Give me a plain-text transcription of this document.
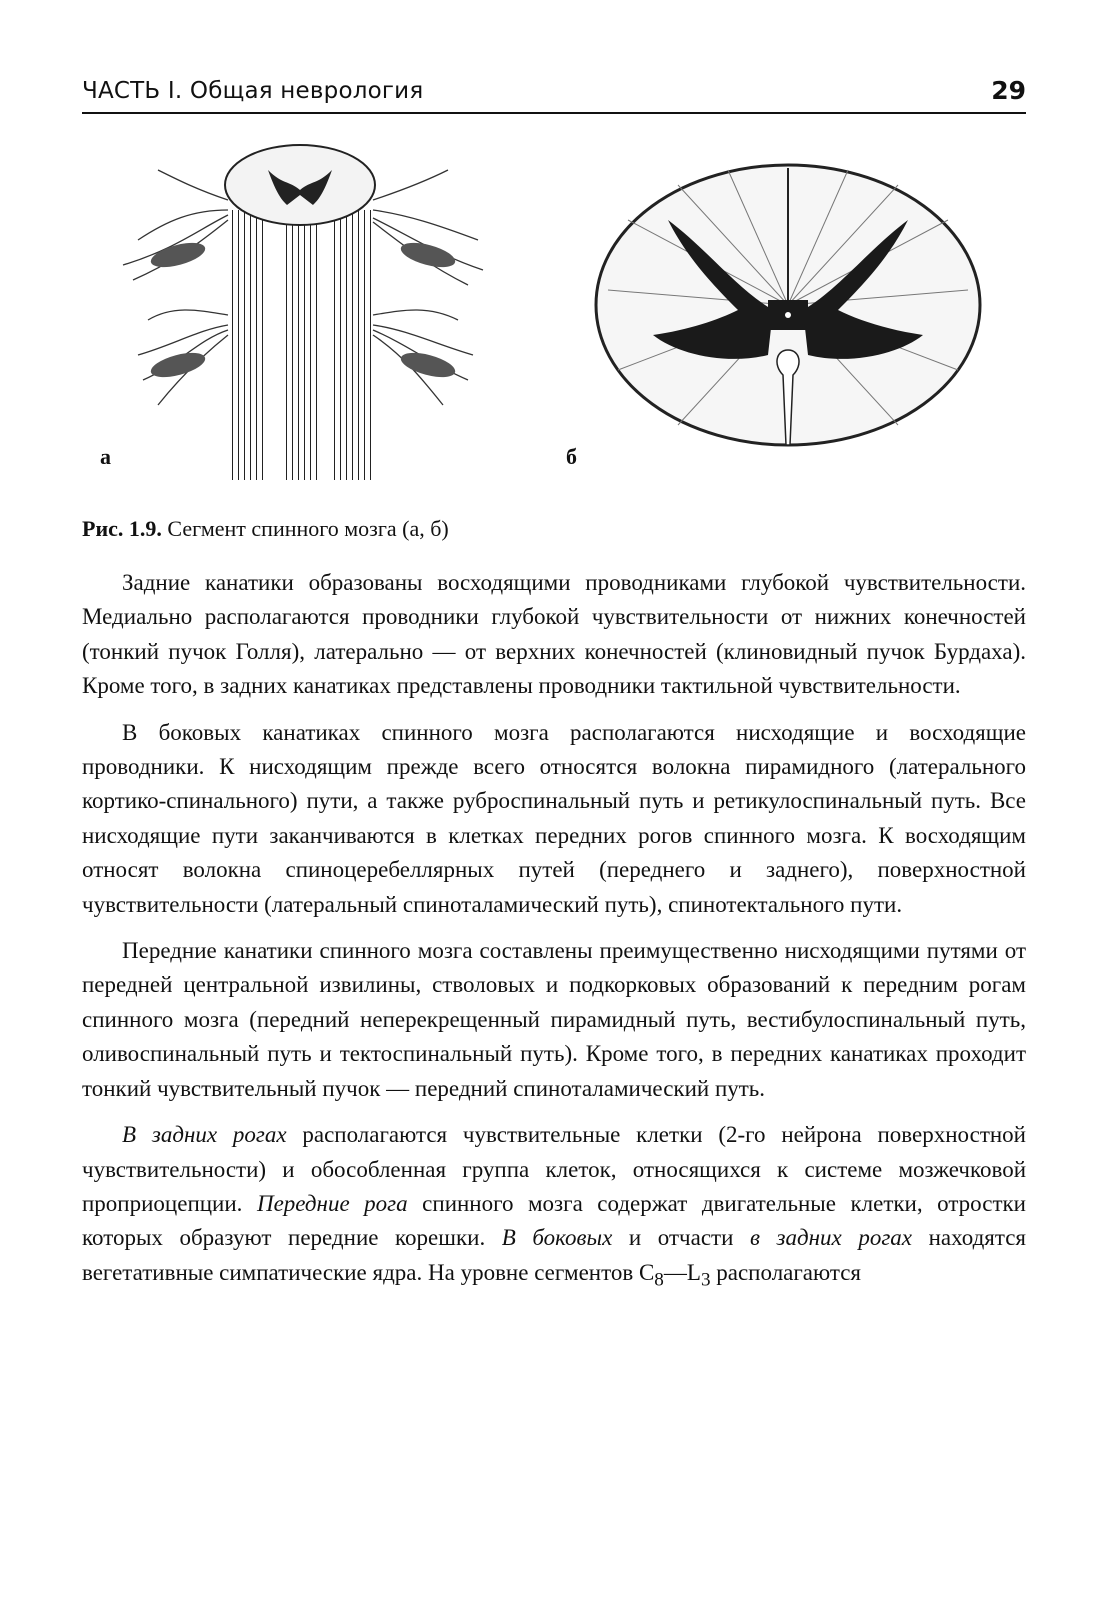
ЧАСТЬ I. Общая неврология	29
а	б
Рис. 1.9. Сегмент спинного мозга (а, б)

Задние канатики образованы восходящими проводниками глубокой чувствительности. Медиально располагаются проводники глубокой чувствительности от нижних конечностей (тонкий пучок Голля), латерально — от верхних конечностей (клиновидный пучок Бурдаха). Кроме того, в задних канатиках представлены проводники тактильной чувствительности.

В боковых канатиках спинного мозга располагаются нисходящие и восходящие проводники. К нисходящим прежде всего относятся волокна пирамидного (латерального кортико-спинального) пути, а также руброспинальный путь и ретикулоспинальный путь. Все нисходящие пути заканчиваются в клетках передних рогов спинного мозга. К восходящим относят волокна спиноцеребеллярных путей (переднего и заднего), поверхностной чувствительности (латеральный спиноталамический путь), спинотектального пути.

Передние канатики спинного мозга составлены преимущественно нисходящими путями от передней центральной извилины, стволовых и подкорковых образований к передним рогам спинного мозга (передний неперекрещенный пирамидный путь, вестибулоспинальный путь, оливоспинальный путь и тектоспинальный путь). Кроме того, в передних канатиках проходит тонкий чувствительный пучок — передний спиноталамический путь.

В задних рогах располагаются чувствительные клетки (2-го нейрона поверхностной чувствительности) и обособленная группа клеток, относящихся к системе мозжечковой проприоцепции. Передние рога спинного мозга содержат двигательные клетки, отростки которых образуют передние корешки. В боковых и отчасти в задних рогах находятся вегетативные симпатические ядра. На уровне сегментов $C_8—L_3$ располагаются
